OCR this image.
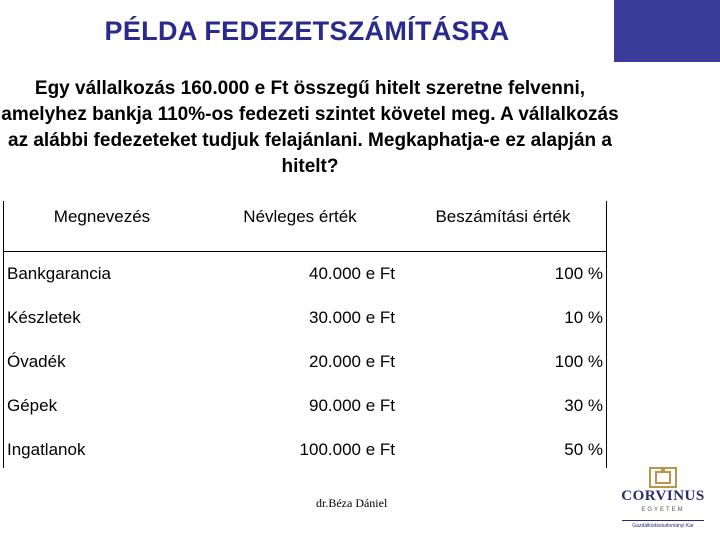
PÉLDA FEDEZETSZÁMÍTÁSRA
Egy vállalkozás 160.000 e Ft összegű hitelt szeretne felvenni, amelyhez bankja 110%-os fedezeti szintet követel meg. A vállalkozás az alábbi fedezeteket tudjuk felajánlani. Megkaphatja-e ez alapján a hitelt?
Megnevezés	Névleges érték	Beszámítási érték
Bankgarancia	40.000 e Ft	100 %
Készletek	30.000 e Ft	10 %
Óvadék	20.000 e Ft	100 %
Gépek	90.000 e Ft	30 %
Ingatlanok	100.000 e Ft	50 %
dr.Béza Dániel	CORVINUS
EGYETEM
Gazdálkodástudományi Kar
